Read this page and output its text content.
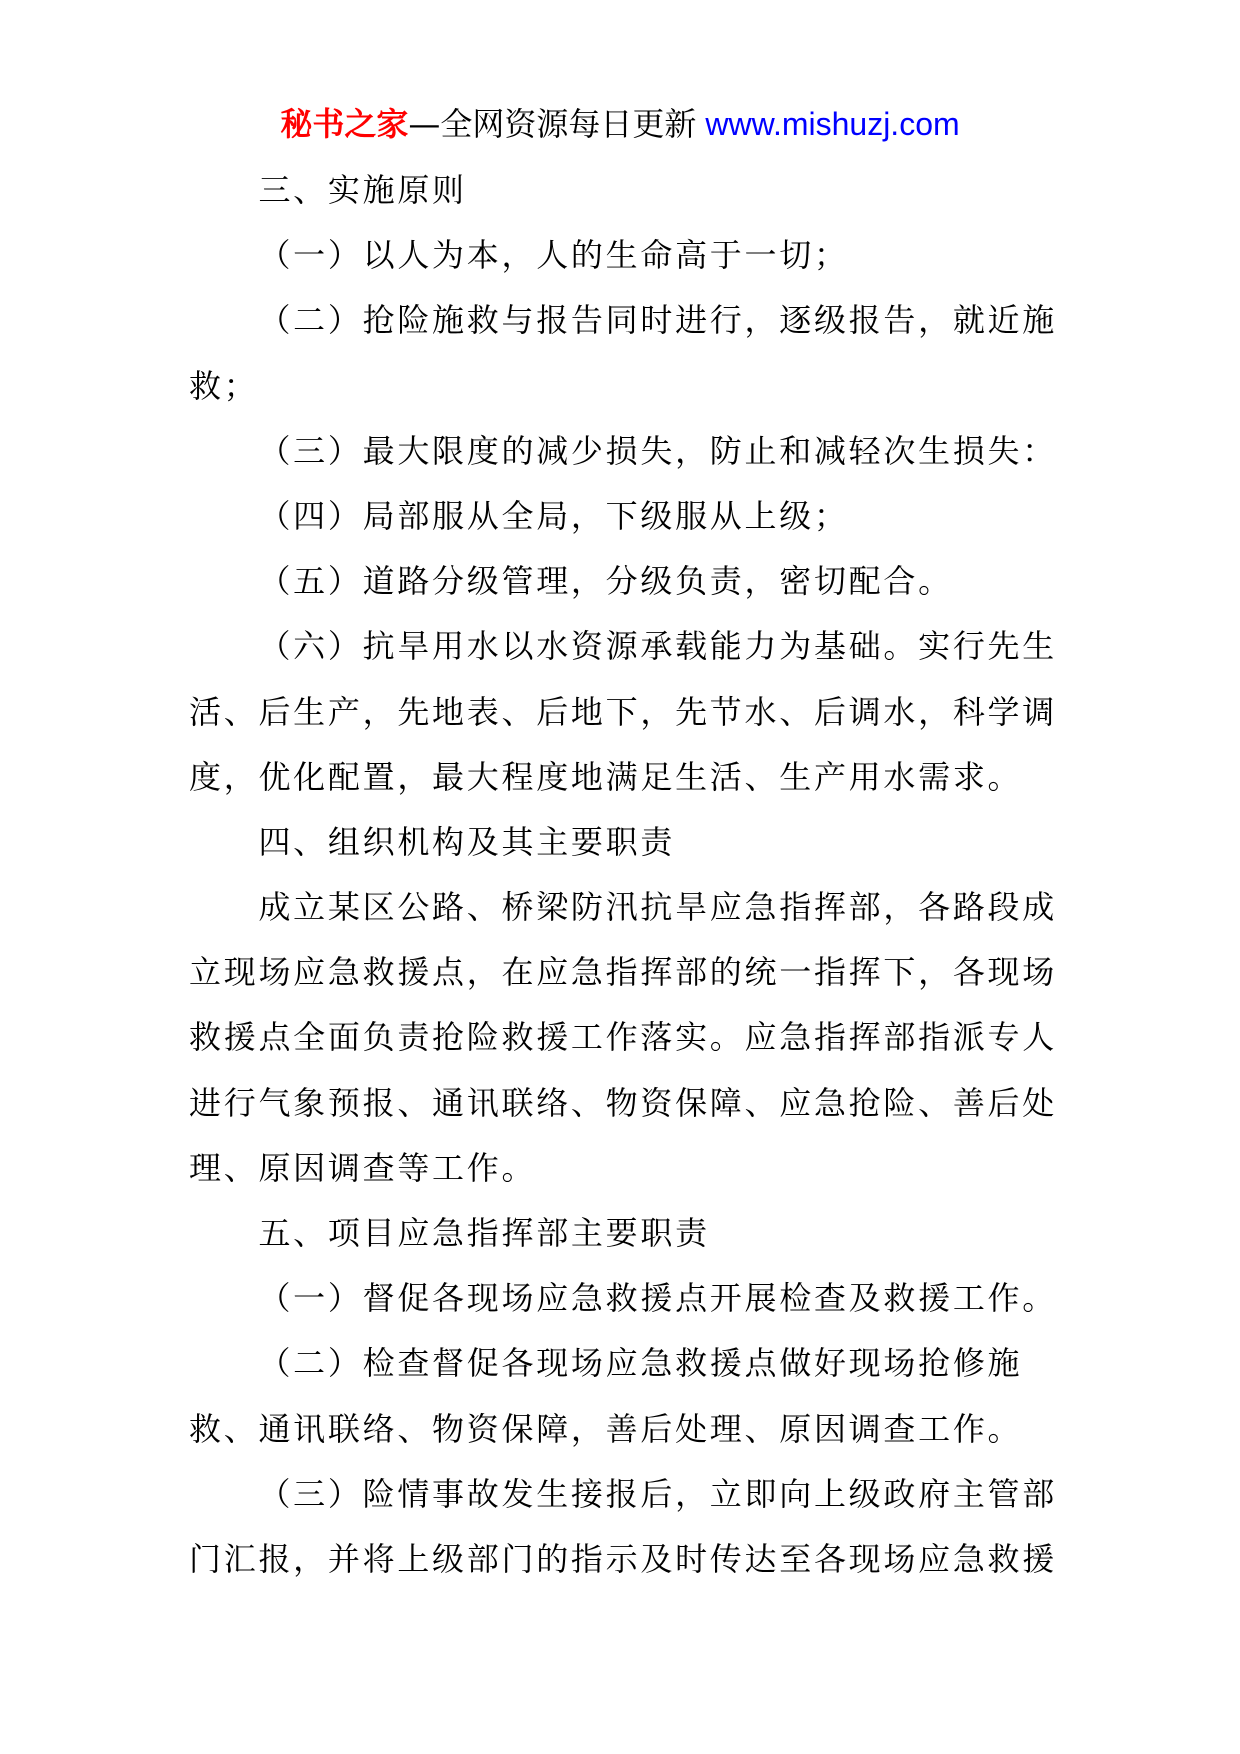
秘书之家—全网资源每日更新 www.mishuzj.com
三、实施原则
（一）以人为本，人的生命高于一切；
（二）抢险施救与报告同时进行，逐级报告，就近施
救；
（三）最大限度的减少损失，防止和减轻次生损失：
（四）局部服从全局，下级服从上级；
（五）道路分级管理，分级负责，密切配合。
（六）抗旱用水以水资源承载能力为基础。实行先生
活、后生产，先地表、后地下，先节水、后调水，科学调
度，优化配置，最大程度地满足生活、生产用水需求。
四、组织机构及其主要职责
成立某区公路、桥梁防汛抗旱应急指挥部，各路段成
立现场应急救援点，在应急指挥部的统一指挥下，各现场
救援点全面负责抢险救援工作落实。应急指挥部指派专人
进行气象预报、通讯联络、物资保障、应急抢险、善后处
理、原因调查等工作。
五、项目应急指挥部主要职责
（一）督促各现场应急救援点开展检查及救援工作。
（二）检查督促各现场应急救援点做好现场抢修施
救、通讯联络、物资保障，善后处理、原因调查工作。
（三）险情事故发生接报后，立即向上级政府主管部
门汇报，并将上级部门的指示及时传达至各现场应急救援
